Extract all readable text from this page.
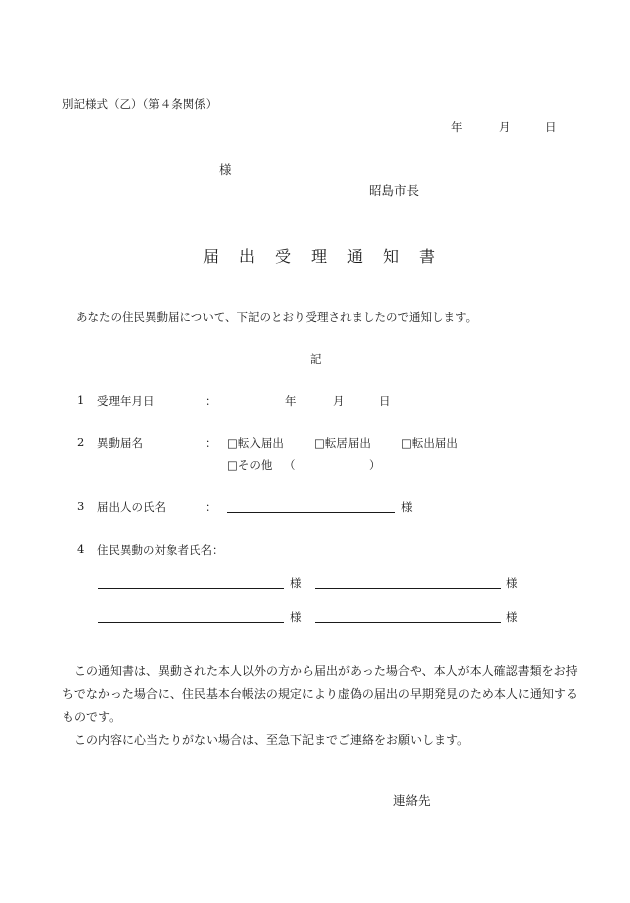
別記様式（乙）（第４条関係）
年	月	日
様
昭島市長
届 出 受 理 通 知 書
あなたの住民異動届について、下記のとおり受理されましたので通知します。
記
1 受理年月日	：	年	月	日
2 異動届名	： □転入届出	□転居届出	□転出届出
□その他 （	）
3 届出人の氏名	：	様
4 住民異動の対象者氏名：
様	様
様	様
この通知書は、異動された本人以外の方から届出があった場合や、本人が本人確認書類をお持ちでなかった場合に、住民基本台帳法の規定により虚偽の届出の早期発見のため本人に通知するものです。
この内容に心当たりがない場合は、至急下記までご連絡をお願いします。
連絡先
